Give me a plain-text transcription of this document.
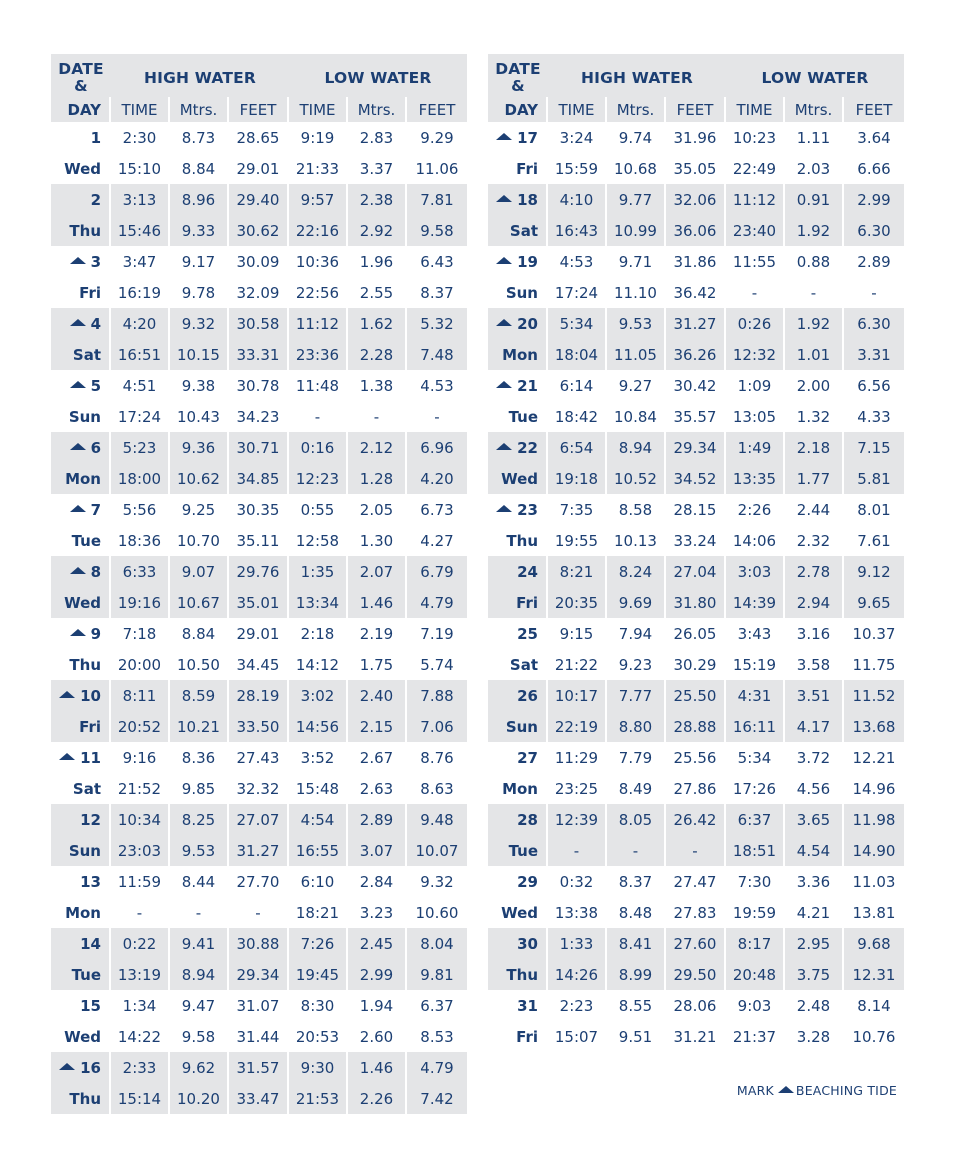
DATE
&	HIGH WATER	LOW WATER
DAY	TIME	Mtrs.	FEET	TIME	Mtrs.	FEET
1	2:30	8.73	28.65	9:19	2.83	9.29
Wed	15:10	8.84	29.01	21:33	3.37	11.06
2	3:13	8.96	29.40	9:57	2.38	7.81
Thu	15:46	9.33	30.62	22:16	2.92	9.58
3	3:47	9.17	30.09	10:36	1.96	6.43
Fri	16:19	9.78	32.09	22:56	2.55	8.37
4	4:20	9.32	30.58	11:12	1.62	5.32
Sat	16:51	10.15	33.31	23:36	2.28	7.48
5	4:51	9.38	30.78	11:48	1.38	4.53
Sun	17:24	10.43	34.23	-	-	-
6	5:23	9.36	30.71	0:16	2.12	6.96
Mon	18:00	10.62	34.85	12:23	1.28	4.20
7	5:56	9.25	30.35	0:55	2.05	6.73
Tue	18:36	10.70	35.11	12:58	1.30	4.27
8	6:33	9.07	29.76	1:35	2.07	6.79
Wed	19:16	10.67	35.01	13:34	1.46	4.79
9	7:18	8.84	29.01	2:18	2.19	7.19
Thu	20:00	10.50	34.45	14:12	1.75	5.74
10	8:11	8.59	28.19	3:02	2.40	7.88
Fri	20:52	10.21	33.50	14:56	2.15	7.06
11	9:16	8.36	27.43	3:52	2.67	8.76
Sat	21:52	9.85	32.32	15:48	2.63	8.63
12	10:34	8.25	27.07	4:54	2.89	9.48
Sun	23:03	9.53	31.27	16:55	3.07	10.07
13	11:59	8.44	27.70	6:10	2.84	9.32
Mon	-	-	-	18:21	3.23	10.60
14	0:22	9.41	30.88	7:26	2.45	8.04
Tue	13:19	8.94	29.34	19:45	2.99	9.81
15	1:34	9.47	31.07	8:30	1.94	6.37
Wed	14:22	9.58	31.44	20:53	2.60	8.53
16	2:33	9.62	31.57	9:30	1.46	4.79
Thu	15:14	10.20	33.47	21:53	2.26	7.42
DATE
&	HIGH WATER	LOW WATER
DAY	TIME	Mtrs.	FEET	TIME	Mtrs.	FEET
17	3:24	9.74	31.96	10:23	1.11	3.64
Fri	15:59	10.68	35.05	22:49	2.03	6.66
18	4:10	9.77	32.06	11:12	0.91	2.99
Sat	16:43	10.99	36.06	23:40	1.92	6.30
19	4:53	9.71	31.86	11:55	0.88	2.89
Sun	17:24	11.10	36.42	-	-	-
20	5:34	9.53	31.27	0:26	1.92	6.30
Mon	18:04	11.05	36.26	12:32	1.01	3.31
21	6:14	9.27	30.42	1:09	2.00	6.56
Tue	18:42	10.84	35.57	13:05	1.32	4.33
22	6:54	8.94	29.34	1:49	2.18	7.15
Wed	19:18	10.52	34.52	13:35	1.77	5.81
23	7:35	8.58	28.15	2:26	2.44	8.01
Thu	19:55	10.13	33.24	14:06	2.32	7.61
24	8:21	8.24	27.04	3:03	2.78	9.12
Fri	20:35	9.69	31.80	14:39	2.94	9.65
25	9:15	7.94	26.05	3:43	3.16	10.37
Sat	21:22	9.23	30.29	15:19	3.58	11.75
26	10:17	7.77	25.50	4:31	3.51	11.52
Sun	22:19	8.80	28.88	16:11	4.17	13.68
27	11:29	7.79	25.56	5:34	3.72	12.21
Mon	23:25	8.49	27.86	17:26	4.56	14.96
28	12:39	8.05	26.42	6:37	3.65	11.98
Tue	-	-	-	18:51	4.54	14.90
29	0:32	8.37	27.47	7:30	3.36	11.03
Wed	13:38	8.48	27.83	19:59	4.21	13.81
30	1:33	8.41	27.60	8:17	2.95	9.68
Thu	14:26	8.99	29.50	20:48	3.75	12.31
31	2:23	8.55	28.06	9:03	2.48	8.14
Fri	15:07	9.51	31.21	21:37	3.28	10.76
MARK BEACHING TIDE
